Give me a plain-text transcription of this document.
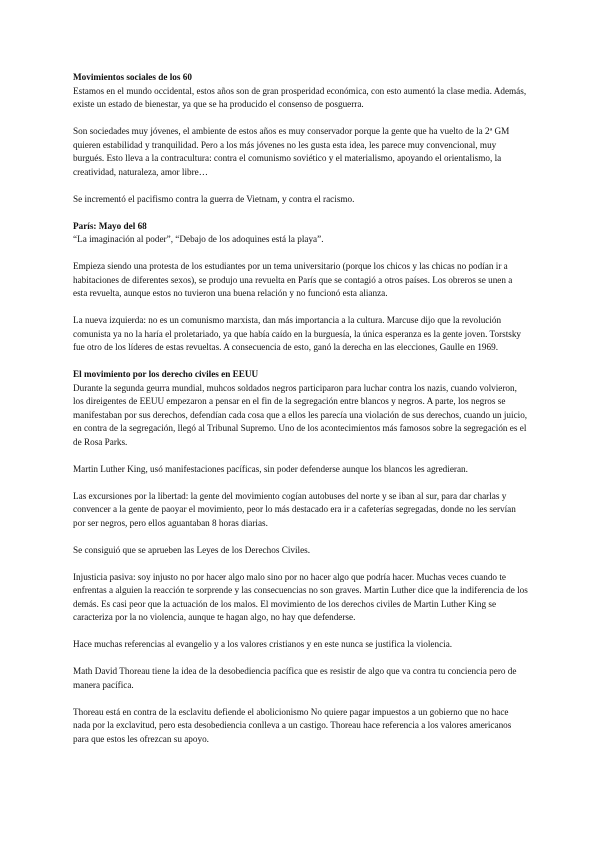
Movimientos sociales de los 60
Estamos en el mundo occidental, estos años son de gran prosperidad económica, con esto aumentó la clase media. Además, existe un estado de bienestar, ya que se ha producido el consenso de posguerra.

Son sociedades muy jóvenes, el ambiente de estos años es muy conservador porque la gente que ha vuelto de la 2ª GM quieren estabilidad y tranquilidad. Pero a los más jóvenes no les gusta esta idea, les parece muy convencional, muy burgués. Esto lleva a la contracultura: contra el comunismo soviético y el materialismo, apoyando el orientalismo, la creatividad, naturaleza, amor libre…

Se incrementó el pacifismo contra la guerra de Vietnam, y contra el racismo.

París: Mayo del 68
“La imaginación al poder”, “Debajo de los adoquines está la playa”.

Empieza siendo una protesta de los estudiantes por un tema universitario (porque los chicos y las chicas no podían ir a habitaciones de diferentes sexos), se produjo una revuelta en París que se contagió a otros países. Los obreros se unen a esta revuelta, aunque estos no tuvieron una buena relación y no funcionó esta alianza.

La nueva izquierda: no es un comunismo marxista, dan más importancia a la cultura. Marcuse dijo que la revolución comunista ya no la haría el proletariado, ya que había caído en la burguesía, la única esperanza es la gente joven. Torstsky fue otro de los líderes de estas revueltas. A consecuencia de esto, ganó la derecha en las elecciones, Gaulle en 1969.

El movimiento por los derecho civiles en EEUU
Durante la segunda geurra mundial, muhcos soldados negros participaron para luchar contra los nazis, cuando volvieron, los direigentes de EEUU empezaron a pensar en el fin de la segregación entre blancos y negros. A parte, los negros se manifestaban por sus derechos, defendían cada cosa que a ellos les parecía una violación de sus derechos, cuando un juicio, en contra de la segregación, llegó al Tribunal Supremo. Uno de los acontecimientos más famosos sobre la segregación es el de Rosa Parks.

Martin Luther King, usó manifestaciones pacíficas, sin poder defenderse aunque los blancos les agredieran.

Las excursiones por la libertad: la gente del movimiento cogían autobuses del norte y se iban al sur, para dar charlas y convencer a la gente de paoyar el movimiento, peor lo más destacado era ir a cafeterías segregadas, donde no les servían por ser negros, pero ellos aguantaban 8 horas diarias.

Se consiguió que se aprueben las Leyes de los Derechos Civiles.

Injusticia pasiva: soy injusto no por hacer algo malo sino por no hacer algo que podría hacer. Muchas veces cuando te enfrentas a alguien la reacción te sorprende y las consecuencias no son graves. Martin Luther dice que la indiferencia de los demás. Es casi peor que la actuación de los malos. El movimiento de los derechos civiles de Martin Luther King se caracteriza por la no violencia, aunque te hagan algo, no hay que defenderse.

Hace muchas referencias al evangelio y a los valores cristianos y en este nunca se justifica la violencia.

Math David Thoreau tiene la idea de la desobediencia pacífica que es resistir de algo que va contra tu conciencia pero de manera pacífica.

Thoreau está en contra de la esclavitu defiende el abolicionismo No quiere pagar impuestos a un gobierno que no hace nada por la exclavitud, pero esta desobediencia conlleva a un castigo. Thoreau hace referencia a los valores americanos para que estos les ofrezcan su apoyo.
